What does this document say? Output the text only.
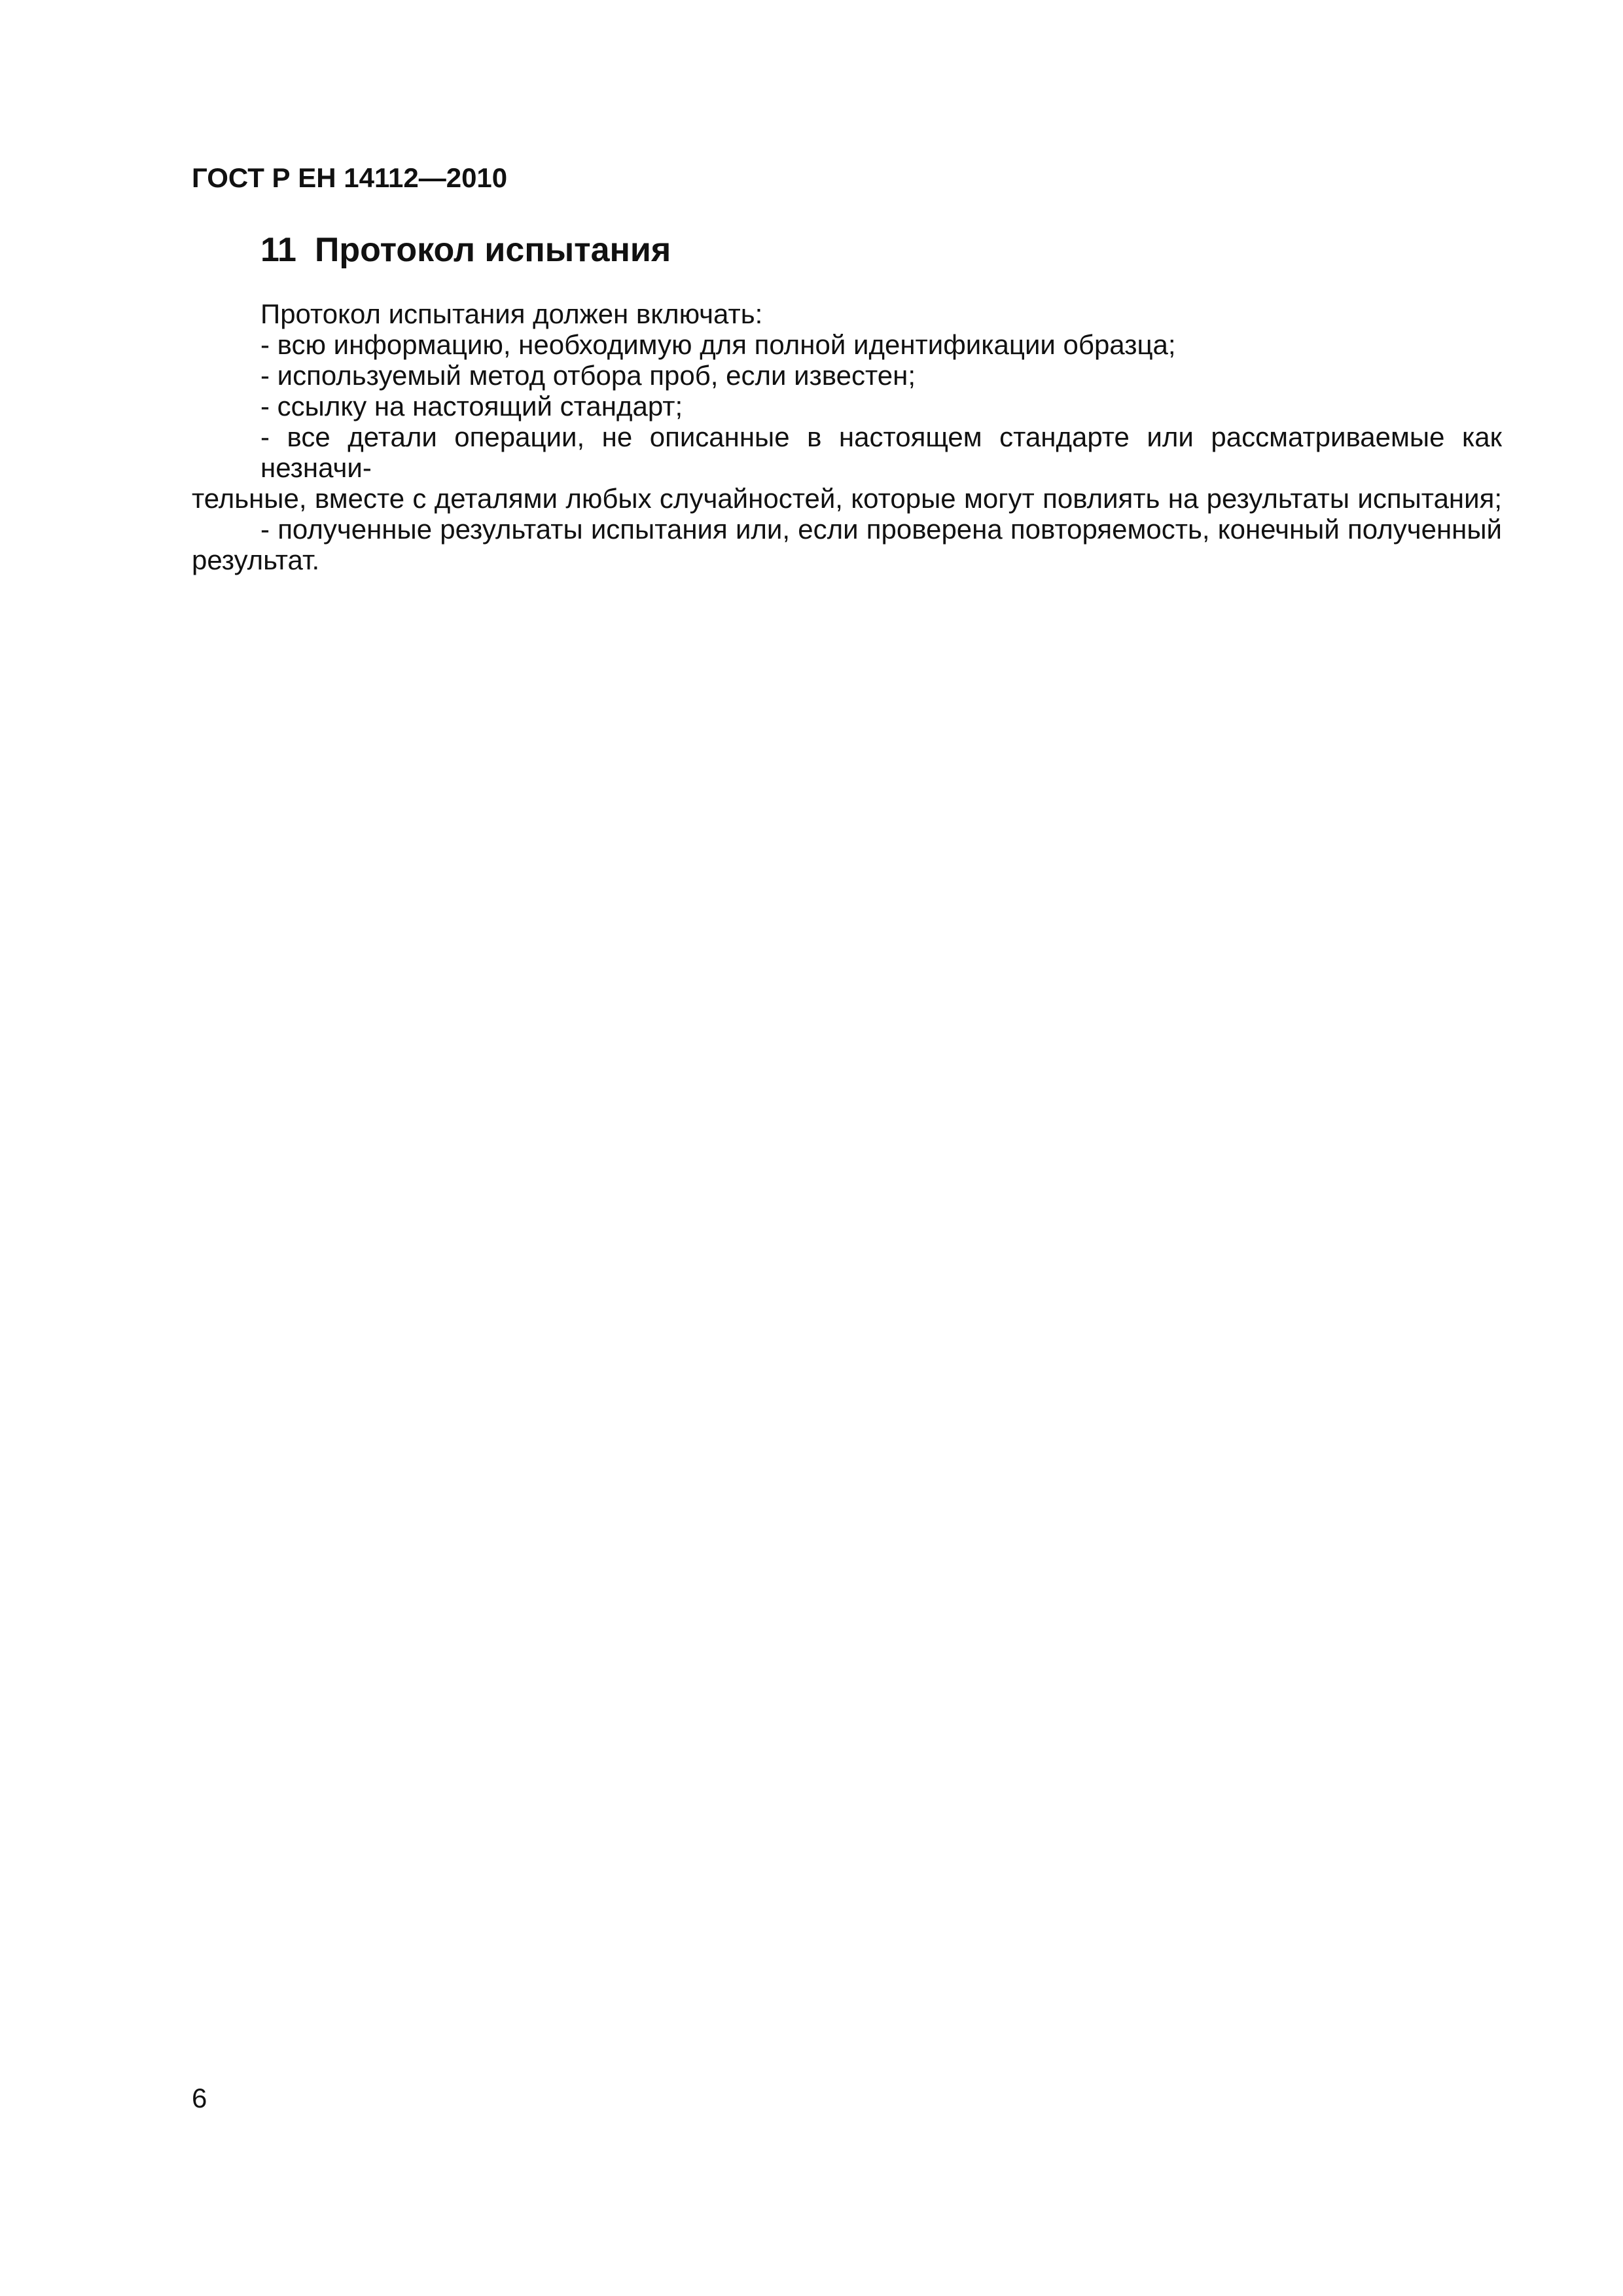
ГОСТ Р ЕН 14112—2010
11 Протокол испытания
Протокол испытания должен включать:
- всю информацию, необходимую для полной идентификации образца;
- используемый метод отбора проб, если известен;
- ссылку на настоящий стандарт;
- все детали операции, не описанные в настоящем стандарте или рассматриваемые как незначи-
тельные, вместе с деталями любых случайностей, которые могут повлиять на результаты испытания;
- полученные результаты испытания или, если проверена повторяемость, конечный полученный
результат.
6
